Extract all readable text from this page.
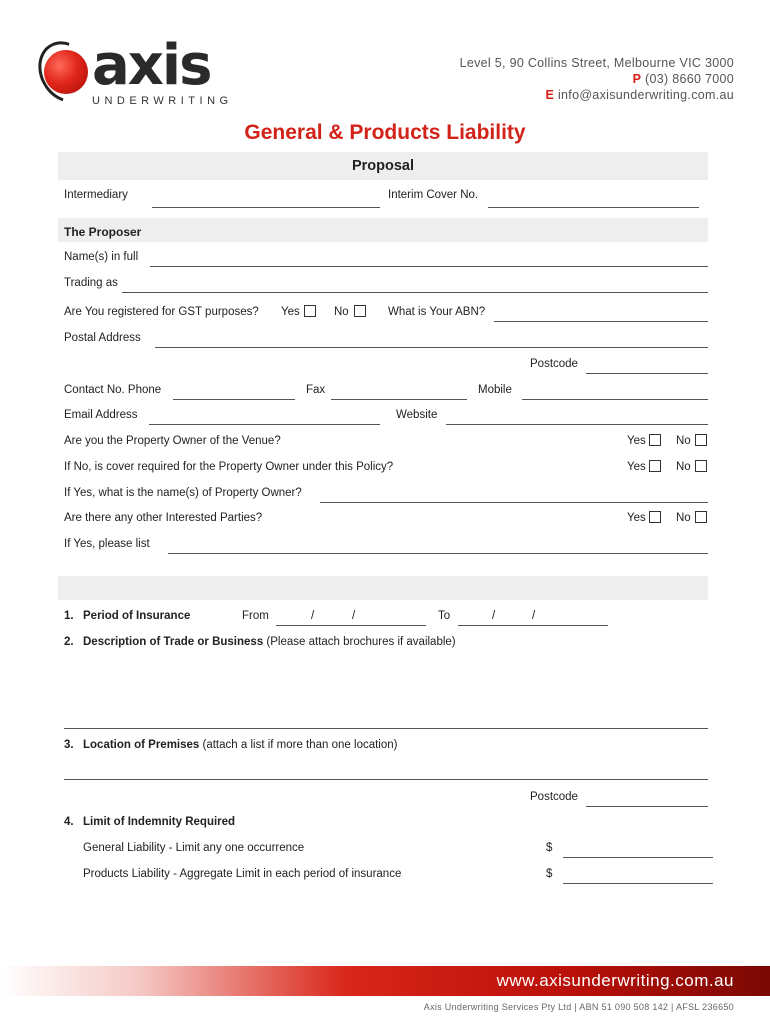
axis
UNDERWRITING
Level 5, 90 Collins Street, Melbourne VIC 3000
P (03) 8660 7000
E info@axisunderwriting.com.au
General & Products Liability
Proposal
Intermediary	Interim Cover No.
The Proposer
Name(s) in full
Trading as
Are You registered for GST purposes? Yes	No	What is Your ABN?
Postal Address
Postcode
Contact No. Phone	Fax	Mobile
Email Address	Website
Are you the Property Owner of the Venue?	Yes	No
If No, is cover required for the Property Owner under this Policy?	Yes	No
If Yes, what is the name(s) of Property Owner?
Are there any other Interested Parties?	Yes	No
If Yes, please list
1. Period of Insurance	From	/	/	To	/	/
2. Description of Trade or Business (Please attach brochures if available)
3. Location of Premises (attach a list if more than one location)
Postcode
4. Limit of Indemnity Required
General Liability - Limit any one occurrence	$
Products Liability - Aggregate Limit in each period of insurance	$
www.axisunderwriting.com.au
Axis Underwriting Services Pty Ltd | ABN 51 090 508 142 | AFSL 236650
